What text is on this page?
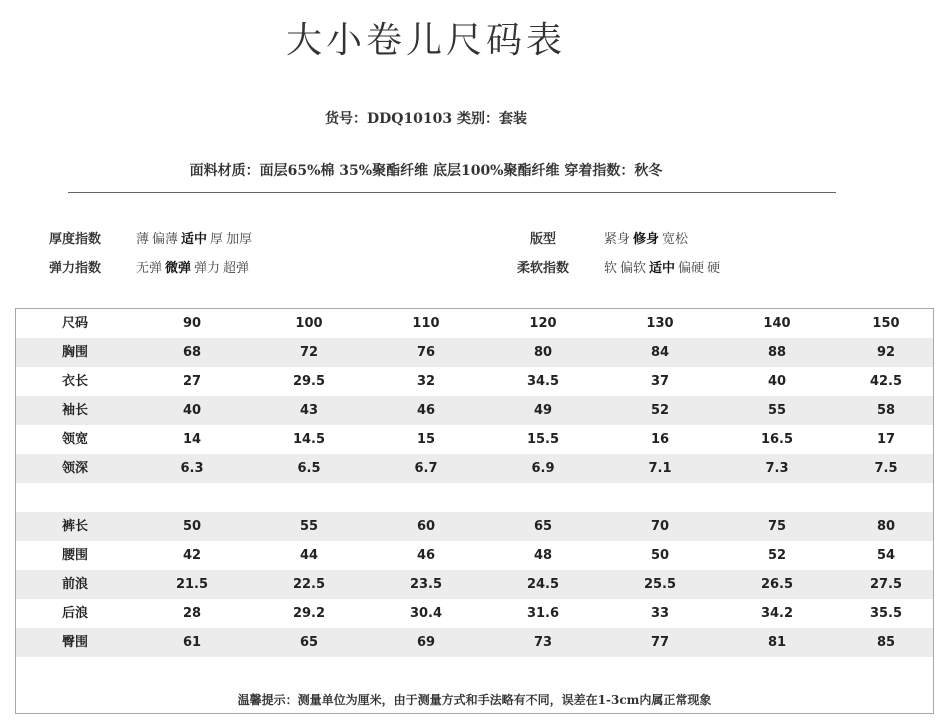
大小卷儿尺码表
货号：DDQ10103 类别：套装
面料材质：面层65%棉 35%聚酯纤维 底层100%聚酯纤维 穿着指数：秋冬
厚度指数	薄 偏薄 适中 厚 加厚
弹力指数	无弹 微弹 弹力 超弹
版型	紧身 修身 宽松
柔软指数	软 偏软 适中 偏硬 硬
臀围	61	65	69	73	77	81	85
后浪	28	29.2	30.4	31.6	33	34.2	35.5
前浪	21.5	22.5	23.5	24.5	25.5	26.5	27.5
腰围	42	44	46	48	50	52	54
裤长	50	55	60	65	70	75	80
领深	6.3	6.5	6.7	6.9	7.1	7.3	7.5
领宽	14	14.5	15	15.5	16	16.5	17
袖长	40	43	46	49	52	55	58
衣长	27	29.5	32	34.5	37	40	42.5
胸围	68	72	76	80	84	88	92
尺码	90	100	110	120	130	140	150
温馨提示：测量单位为厘米，由于测量方式和手法略有不同，误差在1-3cm内属正常现象
